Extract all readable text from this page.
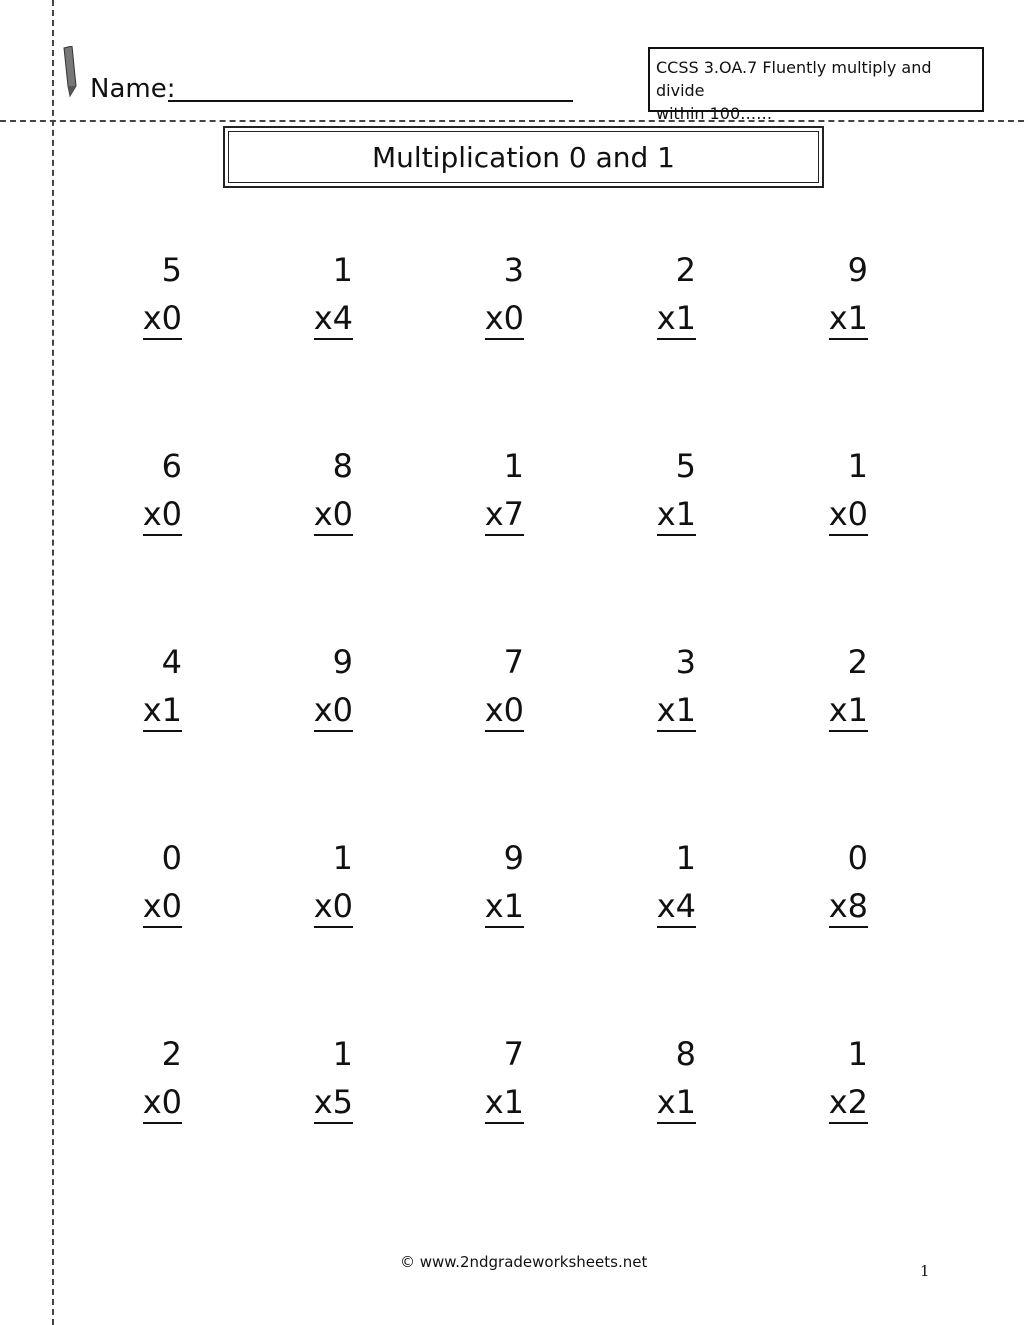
Name:
CCSS 3.OA.7 Fluently multiply and divide
within 100……
Multiplication 0 and 1
5
x0
1
x4
3
x0
2
x1
9
x1
6
x0
8
x0
1
x7
5
x1
1
x0
4
x1
9
x0
7
x0
3
x1
2
x1
0
x0
1
x0
9
x1
1
x4
0
x8
2
x0
1
x5
7
x1
8
x1
1
x2
© www.2ndgradeworksheets.net	1
